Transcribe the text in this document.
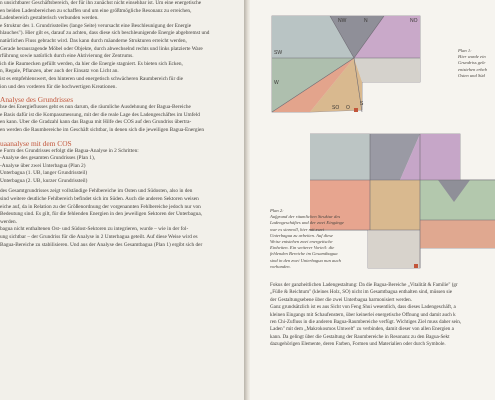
n unsichtbarer Geschäftsbereich, der für ihn zunächst nicht einsehbar ist. Um eine energetische
en beiden Ladenbereichen zu schaffen und um eine größtmögliche Resonanz zu erreichen,
Ladenbereich gestalterisch verbunden werden.
e Struktur des 1. Grundrissteiles (lange Seite) verursacht eine Beschleunigung der Energie
hlauches"). Hier gilt es, darauf zu achten, dass diese sich beschleunigende Energie abgebremst und
natürlichen Fluss gebracht wird. Das kann durch mäanderne Strukturen erreicht werden,
Gerade herausragende Möbel oder Objekte, durch abwechselnd rechts und links platzierte Ware
rführung sowie natürlich durch eine Aktivierung der Zentrums.
ich die Raumecken gefüllt werden, da hier die Energie stagniert. Es bieten sich Ecken,
n, Regale, Pflanzen, aber auch der Einsatz von Licht an.
ist es empfehlenswert, den hinteren und energetisch schwächeren Raumbereich für die
ion und den vorderen für die hochwertigen Kreationen.
Analyse des Grundrisses
hse des Energieflusses geht es nun darum, die räumliche Ausdehnung der Bagua-Bereiche
e Basis dafür ist die Kompassmessung, mit der die reale Lage des Ladengeschäftes im Umfeld
en kann. Über die Gradzahl kann das Bagua mit Hilfe des COS auf den Grundriss übertra-
en werden die Raumbereiche im Geschäft sichtbar, in denen sich die jeweiligen Bagua-Energien
uaanalyse mit dem COS
e Form des Grundrisses erfolgt die Bagua-Analyse in 2 Schritten:
-Analyse des gesamten Grundrisses (Plan 1),
-Analyse über zwei Unterbagua (Plan 2)
Unterbagua (1. UB, langer Grundrissteil)
Unterbagua (2. UB, kurzer Grundrissteil)
des Gesamtgrundrisses zeigt vollständige Fehlbereiche im Osten und Südosten, also in den
sind weitere deutliche Fehlbereich befindet sich im Süden. Auch die anderen Sektoren weisen
eiche auf, da in Relation zu der Größenordnung der vorgenannten Fehlbereiche jedoch nur von
Bedeutung sind. Es gilt, für die fehlenden Energien in den jeweiligen Sektoren der Unterbagua,
werden.
bagua nicht enthaltenen Ost- und Südost-Sektoren zu integrieren, wurde – wie in der fol-
ung sichtbar – der Grundriss für die Analyse in 2 Unterbagua geteilt. Auf diese Weise wird es
Bagua-Bereiche zu stabilisieren. Und aus der Analyse des Gesamtbagua (Plan 1) ergibt sich der
N
NW	NO
SW
W
SO O
S
Plan 1:
Hier wurde ein
Grundriss gele
entstehen erheb
Osten und Süd
Plan 2:
Aufgrund der räumlichen Struktur des
Ladengeschäftes und der zwei Eingänge
war es sinnvoll, hier mit zwei
Unterbagua zu arbeiten. Auf diese
Weise entstehen zwei energetische
Einheiten. Ein weiterer Vorteil: die
fehlenden Bereiche im Gesamtbagua
sind in den zwei Unterbagua nun auch
vorhanden.
Fokus der ganzheitlichen Ladengestaltung: Da die Bagua-Bereiche „Vitalität & Familie" (gr
„Fülle & Reichtum" (kleines Holz, SO) nicht im Gesamtbagua enthalten sind, müssen sie
der Gestaltungsebene über die zwei Unterbagua harmonisiert werden.
Ganz grundsätzlich ist es aus Sicht von Feng Shui wesentlich, dass dieses Ladengeschäft, a
kleinen Eingangs mit Schaufenstern, über keinerlei energetische Öffnung und damit auch k
ren Chi-Zufluss in die anderen Bagua-Raumbereiche verfügt. Wichtiges Ziel muss daher sein,
Laden" mit dem „Makrokosmos Umwelt" zu verbinden, damit dieser von allen Energien a
kann. Da gelingt über die Gestaltung der Raumbereiche in Resonanz zu den Bagua-Sekt
dazugehörigen Elemente, deren Farben, Formen und Materialien oder durch Symbole.
